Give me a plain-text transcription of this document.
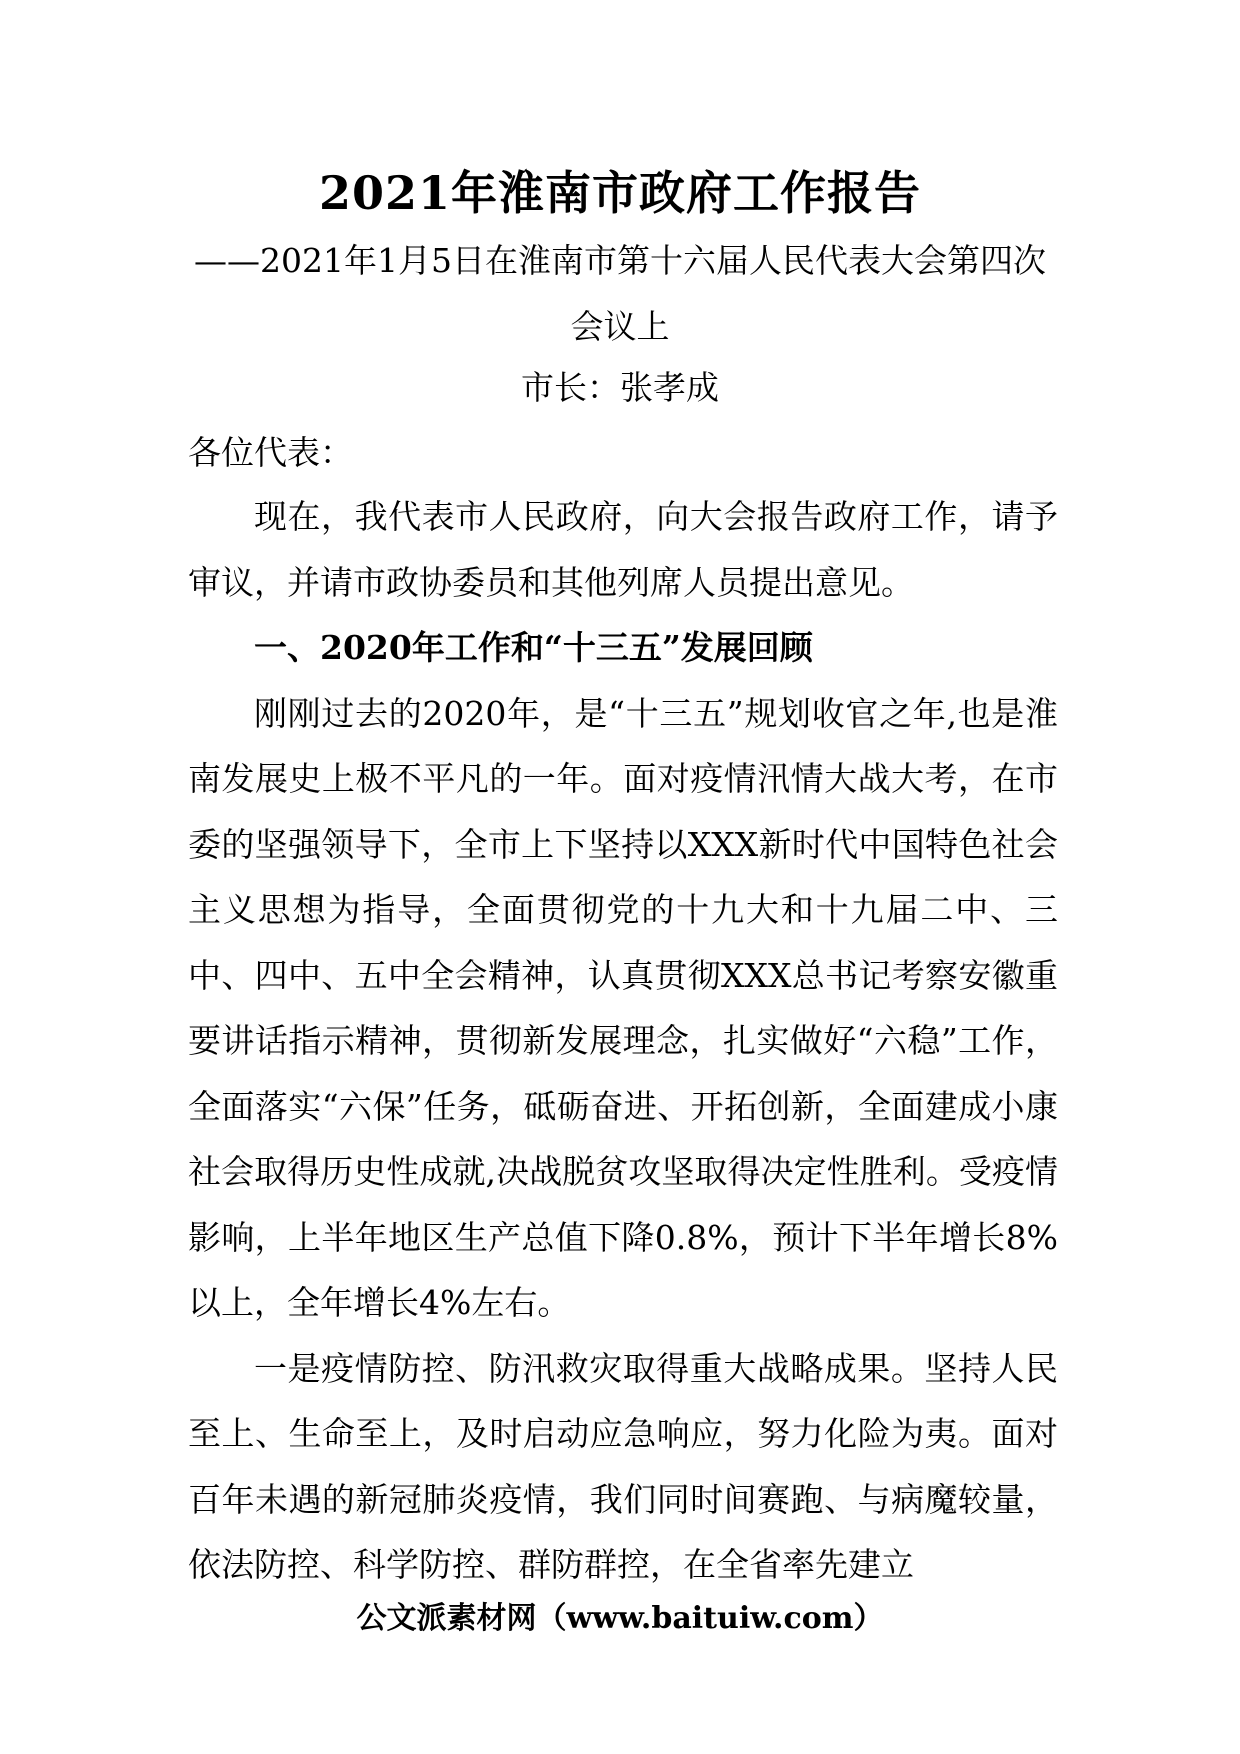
2021年淮南市政府工作报告
——2021年1月5日在淮南市第十六届人民代表大会第四次会议上
市长：张孝成
各位代表：

现在，我代表市人民政府，向大会报告政府工作，请予审议，并请市政协委员和其他列席人员提出意见。

一、2020年工作和“十三五”发展回顾

刚刚过去的2020年，是“十三五”规划收官之年,也是淮南发展史上极不平凡的一年。面对疫情汛情大战大考，在市委的坚强领导下，全市上下坚持以XXX新时代中国特色社会主义思想为指导，全面贯彻党的十九大和十九届二中、三中、四中、五中全会精神，认真贯彻XXX总书记考察安徽重要讲话指示精神，贯彻新发展理念，扎实做好“六稳”工作，全面落实“六保”任务，砥砺奋进、开拓创新，全面建成小康社会取得历史性成就,决战脱贫攻坚取得决定性胜利。受疫情影响，上半年地区生产总值下降0.8%，预计下半年增长8%以上，全年增长4%左右。

一是疫情防控、防汛救灾取得重大战略成果。坚持人民至上、生命至上，及时启动应急响应，努力化险为夷。面对百年未遇的新冠肺炎疫情，我们同时间赛跑、与病魔较量，依法防控、科学防控、群防群控，在全省率先建立

公文派素材网（www.baituiw.com）
